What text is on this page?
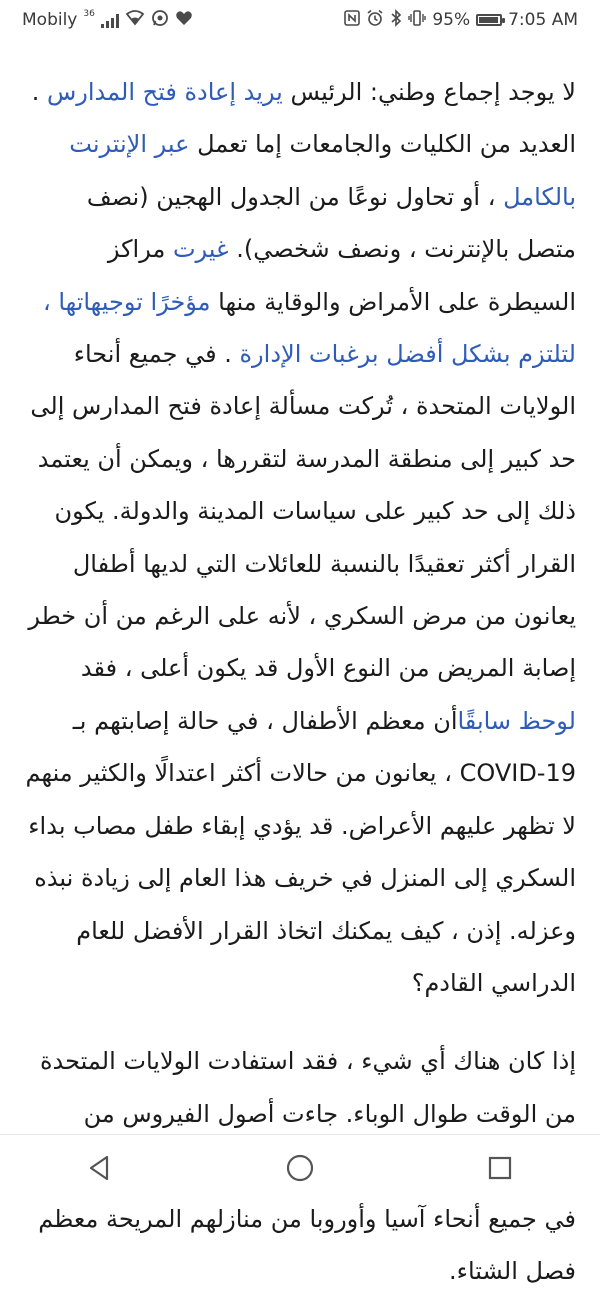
Mobily 36	95% 7:05 AM

لا يوجد إجماع وطني: الرئيس يريد إعادة فتح المدارس . العديد من الكليات والجامعات إما تعمل عبر الإنترنت بالكامل ، أو تحاول نوعًا من الجدول الهجين (نصف متصل بالإنترنت ، ونصف شخصي). غيرت مراكز السيطرة على الأمراض والوقاية منها مؤخرًا توجيهاتها ، لتلتزم بشكل أفضل برغبات الإدارة . في جميع أنحاء الولايات المتحدة ، تُركت مسألة إعادة فتح المدارس إلى حد كبير إلى منطقة المدرسة لتقررها ، ويمكن أن يعتمد ذلك إلى حد كبير على سياسات المدينة والدولة. يكون القرار أكثر تعقيدًا بالنسبة للعائلات التي لديها أطفال يعانون من مرض السكري ، لأنه على الرغم من أن خطر إصابة المريض من النوع الأول قد يكون أعلى ، فقد لوحظ سابقًاأن معظم الأطفال ، في حالة إصابتهم بـ COVID-19 ، يعانون من حالات أكثر اعتدالًا والكثير منهم لا تظهر عليهم الأعراض. قد يؤدي إبقاء طفل مصاب بداء السكري إلى المنزل في خريف هذا العام إلى زيادة نبذه وعزله. إذن ، كيف يمكنك اتخاذ القرار الأفضل للعام الدراسي القادم؟

إذا كان هناك أي شيء ، فقد استفادت الولايات المتحدة من الوقت طوال الوباء. جاءت أصول الفيروس من في جميع أنحاء آسيا وأوروبا من منازلهم المريحة معظم فصل الشتاء.
